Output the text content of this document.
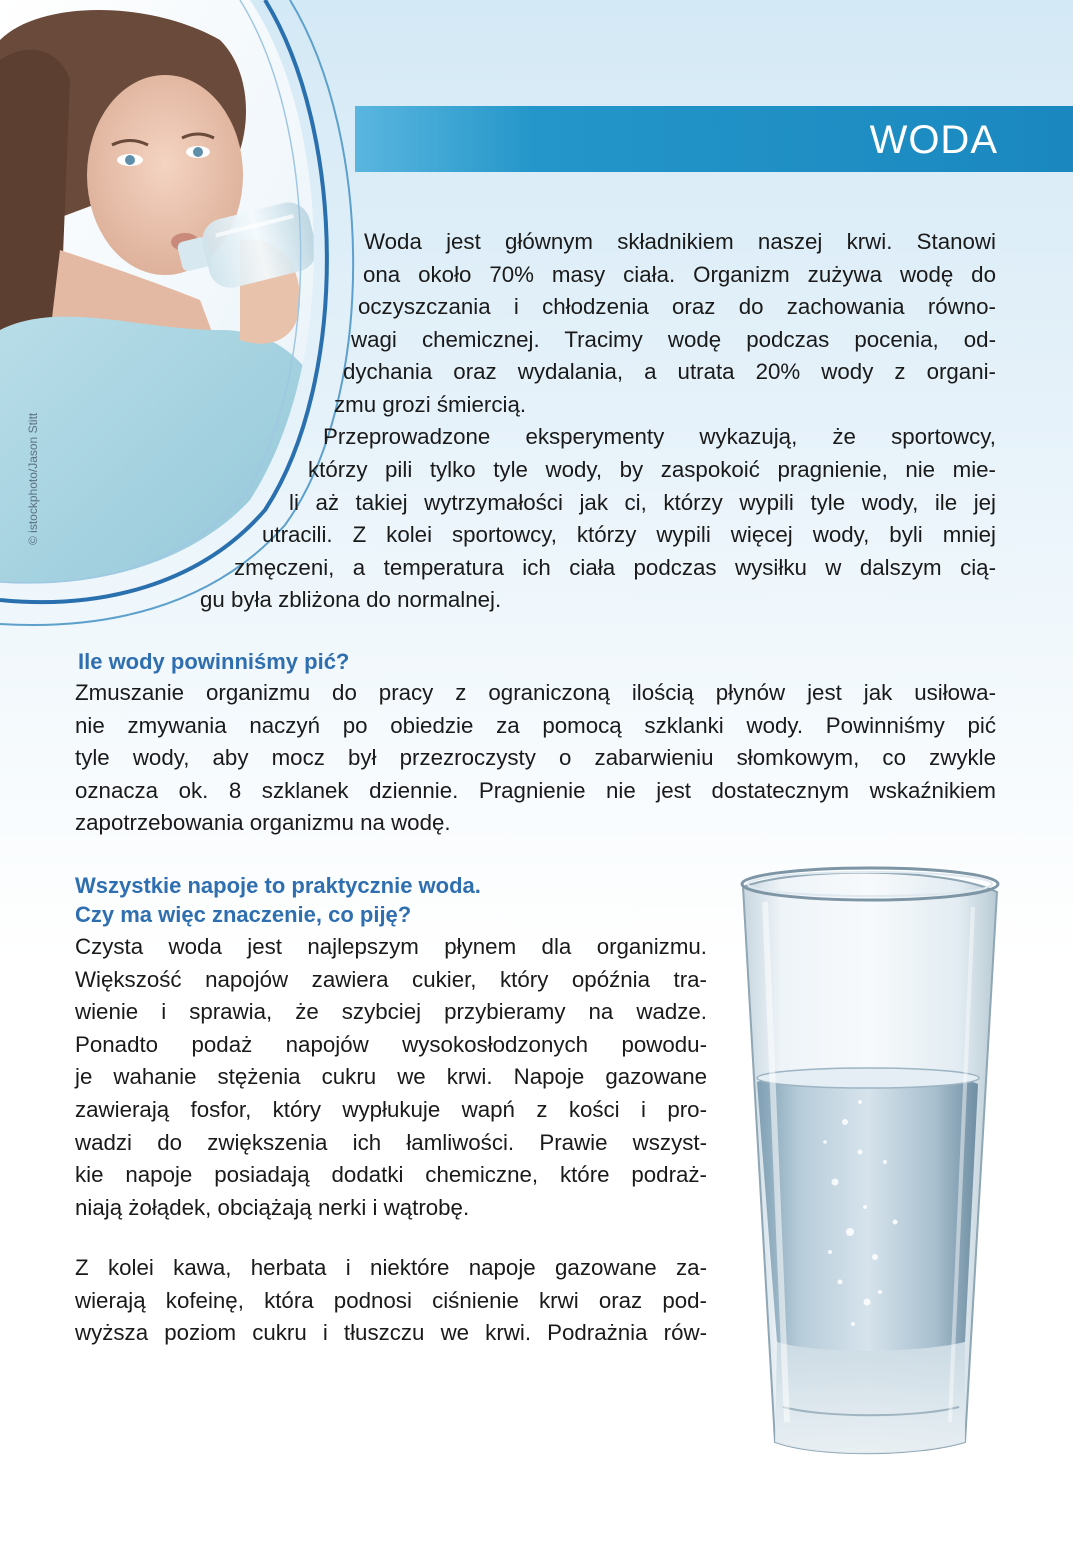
© istockphoto/Jason Stitt
WODA

Woda jest głównym składnikiem naszej krwi. Stanowi

ona około 70% masy ciała. Organizm zużywa wodę do

oczyszczania i chłodzenia oraz do zachowania równo-

wagi chemicznej. Tracimy wodę podczas pocenia, od-

dychania oraz wydalania, a utrata 20% wody z organi-

zmu grozi śmiercią.

Przeprowadzone eksperymenty wykazują, że sportowcy,

którzy pili tylko tyle wody, by zaspokoić pragnienie, nie mie-

li aż takiej wytrzymałości jak ci, którzy wypili tyle wody, ile jej

utracili. Z kolei sportowcy, którzy wypili więcej wody, byli mniej

zmęczeni, a temperatura ich ciała podczas wysiłku w dalszym cią-

gu była zbliżona do normalnej.

Ile wody powinniśmy pić?
Zmuszanie organizmu do pracy z ograniczoną ilością płynów jest jak usiłowa-
nie zmywania naczyń po obiedzie za pomocą szklanki wody. Powinniśmy pić
tyle wody, aby mocz był przezroczysty o zabarwieniu słomkowym, co zwykle
oznacza ok. 8 szklanek dziennie. Pragnienie nie jest dostatecznym wskaźnikiem
zapotrzebowania organizmu na wodę.
Wszystkie napoje to praktycznie woda.
Czy ma więc znaczenie, co piję?
Czysta woda jest najlepszym płynem dla organizmu.
Większość napojów zawiera cukier, który opóźnia tra-
wienie i sprawia, że szybciej przybieramy na wadze.
Ponadto podaż napojów wysokosłodzonych powodu-
je wahanie stężenia cukru we krwi. Napoje gazowane
zawierają fosfor, który wypłukuje wapń z kości i pro-
wadzi do zwiększenia ich łamliwości. Prawie wszyst-
kie napoje posiadają dodatki chemiczne, które podraż-
niają żołądek, obciążają nerki i wątrobę.
Z kolei kawa, herbata i niektóre napoje gazowane za-
wierają kofeinę, która podnosi ciśnienie krwi oraz pod-
wyższa poziom cukru i tłuszczu we krwi. Podrażnia rów-
